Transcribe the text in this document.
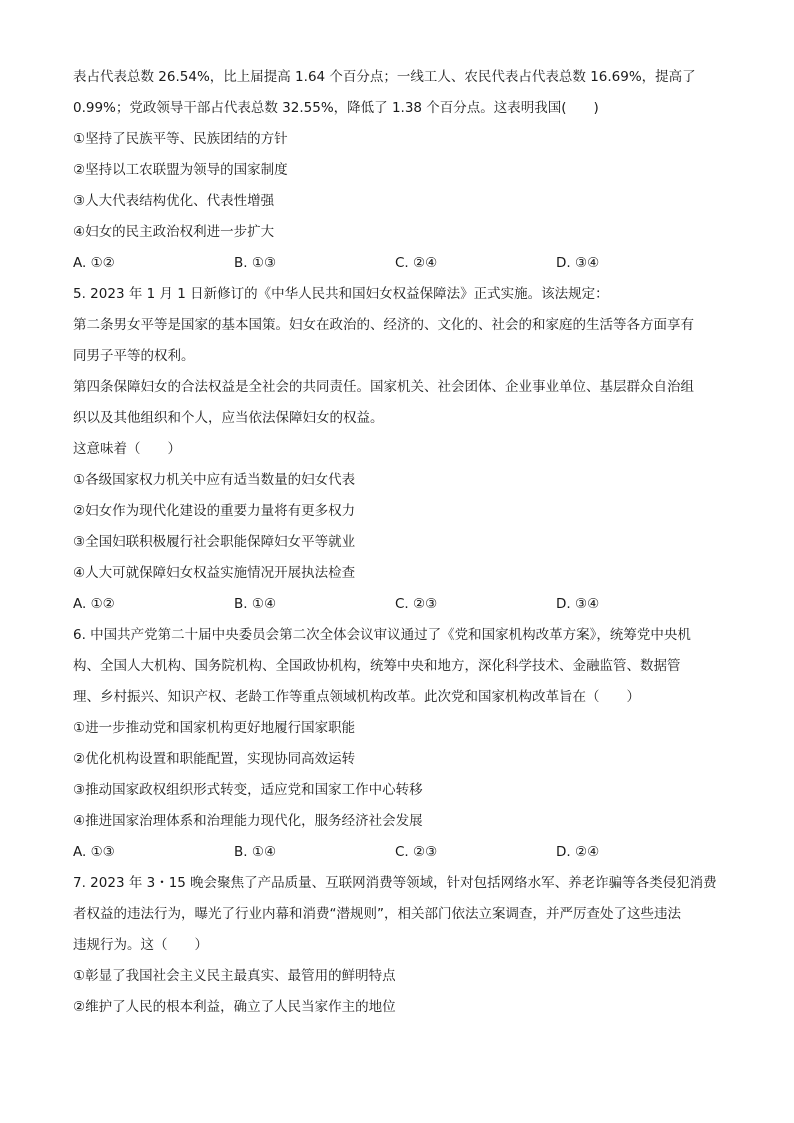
表占代表总数 26.54%，比上届提高 1.64 个百分点；一线工人、农民代表占代表总数 16.69%，提高了
0.99%；党政领导干部占代表总数 32.55%，降低了 1.38 个百分点。这表明我国(　　)
①坚持了民族平等、民族团结的方针
②坚持以工农联盟为领导的国家制度
③人大代表结构优化、代表性增强
④妇女的民主政治权利进一步扩大
A. ①②	B. ①③	C. ②④	D. ③④
5. 2023 年 1 月 1 日新修订的《中华人民共和国妇女权益保障法》正式实施。该法规定：
第二条男女平等是国家的基本国策。妇女在政治的、经济的、文化的、社会的和家庭的生活等各方面享有
同男子平等的权利。
第四条保障妇女的合法权益是全社会的共同责任。国家机关、社会团体、企业事业单位、基层群众自治组
织以及其他组织和个人，应当依法保障妇女的权益。
这意味着（　　）
①各级国家权力机关中应有适当数量的妇女代表
②妇女作为现代化建设的重要力量将有更多权力
③全国妇联积极履行社会职能保障妇女平等就业
④人大可就保障妇女权益实施情况开展执法检查
A. ①②	B. ①④	C. ②③	D. ③④
6. 中国共产党第二十届中央委员会第二次全体会议审议通过了《党和国家机构改革方案》，统筹党中央机
构、全国人大机构、国务院机构、全国政协机构，统筹中央和地方，深化科学技术、金融监管、数据管
理、乡村振兴、知识产权、老龄工作等重点领域机构改革。此次党和国家机构改革旨在（　　）
①进一步推动党和国家机构更好地履行国家职能
②优化机构设置和职能配置，实现协同高效运转
③推动国家政权组织形式转变，适应党和国家工作中心转移
④推进国家治理体系和治理能力现代化，服务经济社会发展
A. ①③	B. ①④	C. ②③	D. ②④
7. 2023 年 3・15 晚会聚焦了产品质量、互联网消费等领域，针对包括网络水军、养老诈骗等各类侵犯消费
者权益的违法行为，曝光了行业内幕和消费“潜规则”，相关部门依法立案调查，并严厉查处了这些违法
违规行为。这（　　）
①彰显了我国社会主义民主最真实、最管用的鲜明特点
②维护了人民的根本利益，确立了人民当家作主的地位
